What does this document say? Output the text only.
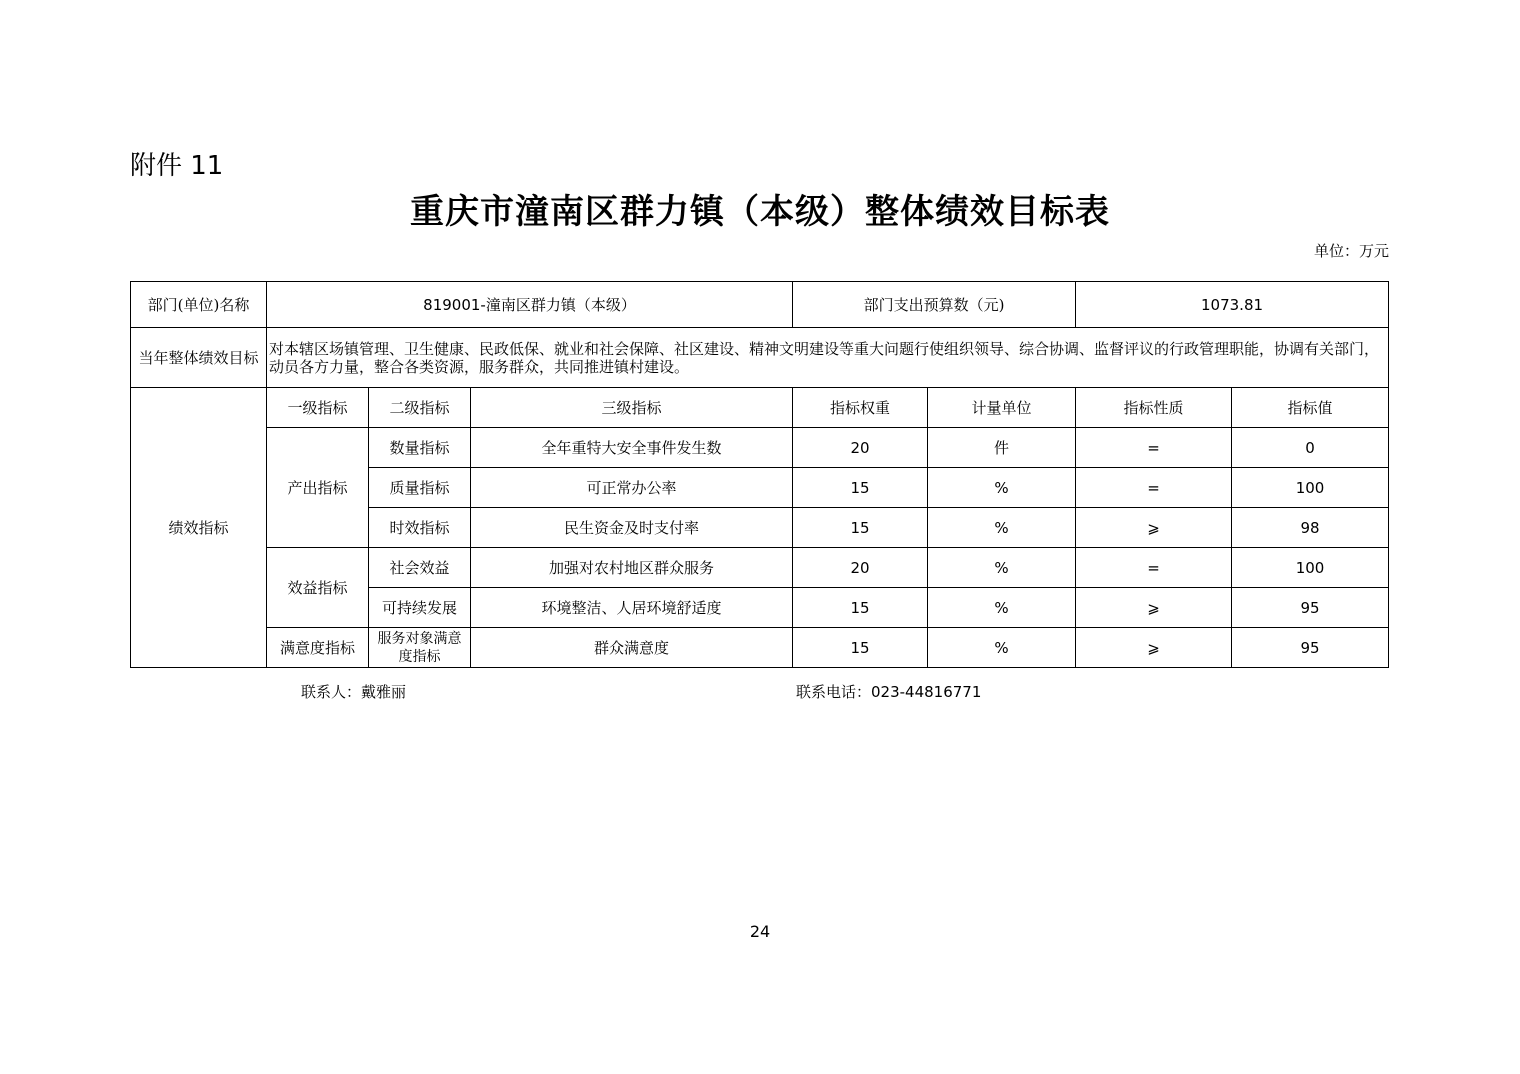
附件 11
重庆市潼南区群力镇（本级）整体绩效目标表
单位：万元
部门(单位)名称	819001-潼南区群力镇（本级）			部门支出预算数（元)		1073.81	
当年整体绩效目标	对本辖区场镇管理、卫生健康、民政低保、就业和社会保障、社区建设、精神文明建设等重大问题行使组织领导、综合协调、监督评议的行政管理职能，协调有关部门，动员各方力量，整合各类资源，服务群众，共同推进镇村建设。						
绩效指标	一级指标	二级指标	三级指标	指标权重	计量单位	指标性质	指标值
	产出指标	数量指标	全年重特大安全事件发生数	20	件	=	0
		质量指标	可正常办公率	15	%	=	100
		时效指标	民生资金及时支付率	15	%	⩾	98
	效益指标	社会效益	加强对农村地区群众服务	20	%	=	100
		可持续发展	环境整洁、人居环境舒适度	15	%	⩾	95
	满意度指标	服务对象满意度指标	群众满意度	15	%	⩾	95
联系人：戴雅丽	联系电话：023-44816771
24
